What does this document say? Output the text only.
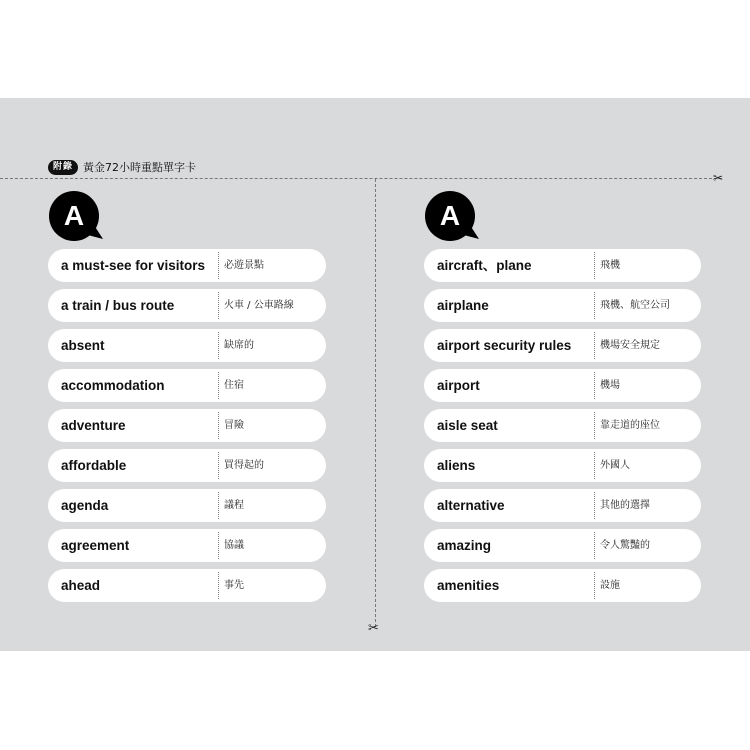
附錄 黃金72小時重點單字卡
✂
✂
A	A
a must-see for visitors 必遊景點
a train / bus route	火車 / 公車路線
absent	缺席的
accommodation	住宿
adventure	冒險
affordable	買得起的
agenda	議程
agreement	協議
ahead	事先
aircraft、plane	飛機
airplane	飛機、航空公司
airport security rules	機場安全規定
airport	機場
aisle seat	靠走道的座位
aliens	外國人
alternative	其他的選擇
amazing	令人驚豔的
amenities	設施
